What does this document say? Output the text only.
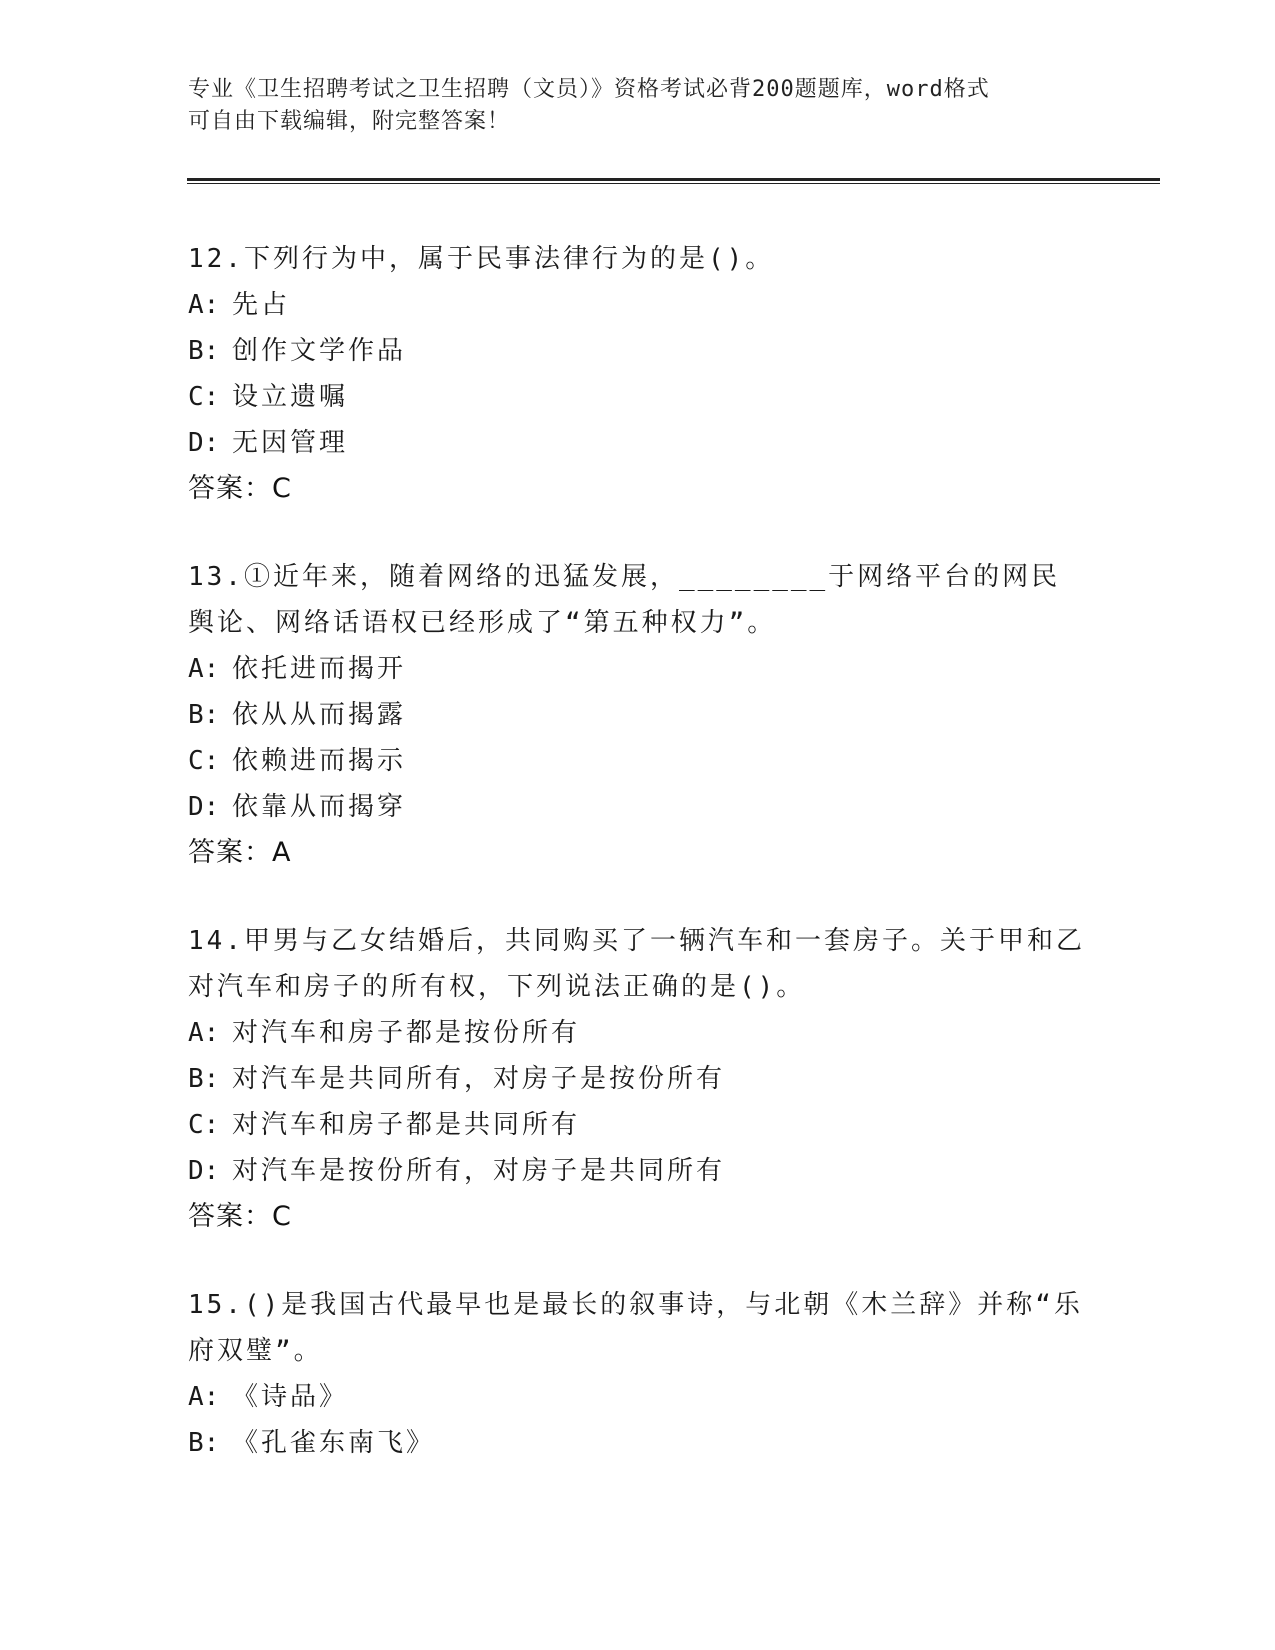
专业《卫生招聘考试之卫生招聘（文员）》资格考试必背200题题库，word格式
可自由下载编辑，附完整答案！
12.下列行为中，属于民事法律行为的是()。
A: 先占
B: 创作文学作品
C: 设立遗嘱
D: 无因管理
答案：C
13.①近年来，随着网络的迅猛发展，________于网络平台的网民舆论、网络话语权已经形成了“第五种权力”。
A: 依托进而揭开
B: 依从从而揭露
C: 依赖进而揭示
D: 依靠从而揭穿
答案：A
14.甲男与乙女结婚后，共同购买了一辆汽车和一套房子。关于甲和乙对汽车和房子的所有权，下列说法正确的是()。
A: 对汽车和房子都是按份所有
B: 对汽车是共同所有，对房子是按份所有
C: 对汽车和房子都是共同所有
D: 对汽车是按份所有，对房子是共同所有
答案：C
15.()是我国古代最早也是最长的叙事诗，与北朝《木兰辞》并称“乐府双璧”。
A: 《诗品》
B: 《孔雀东南飞》
